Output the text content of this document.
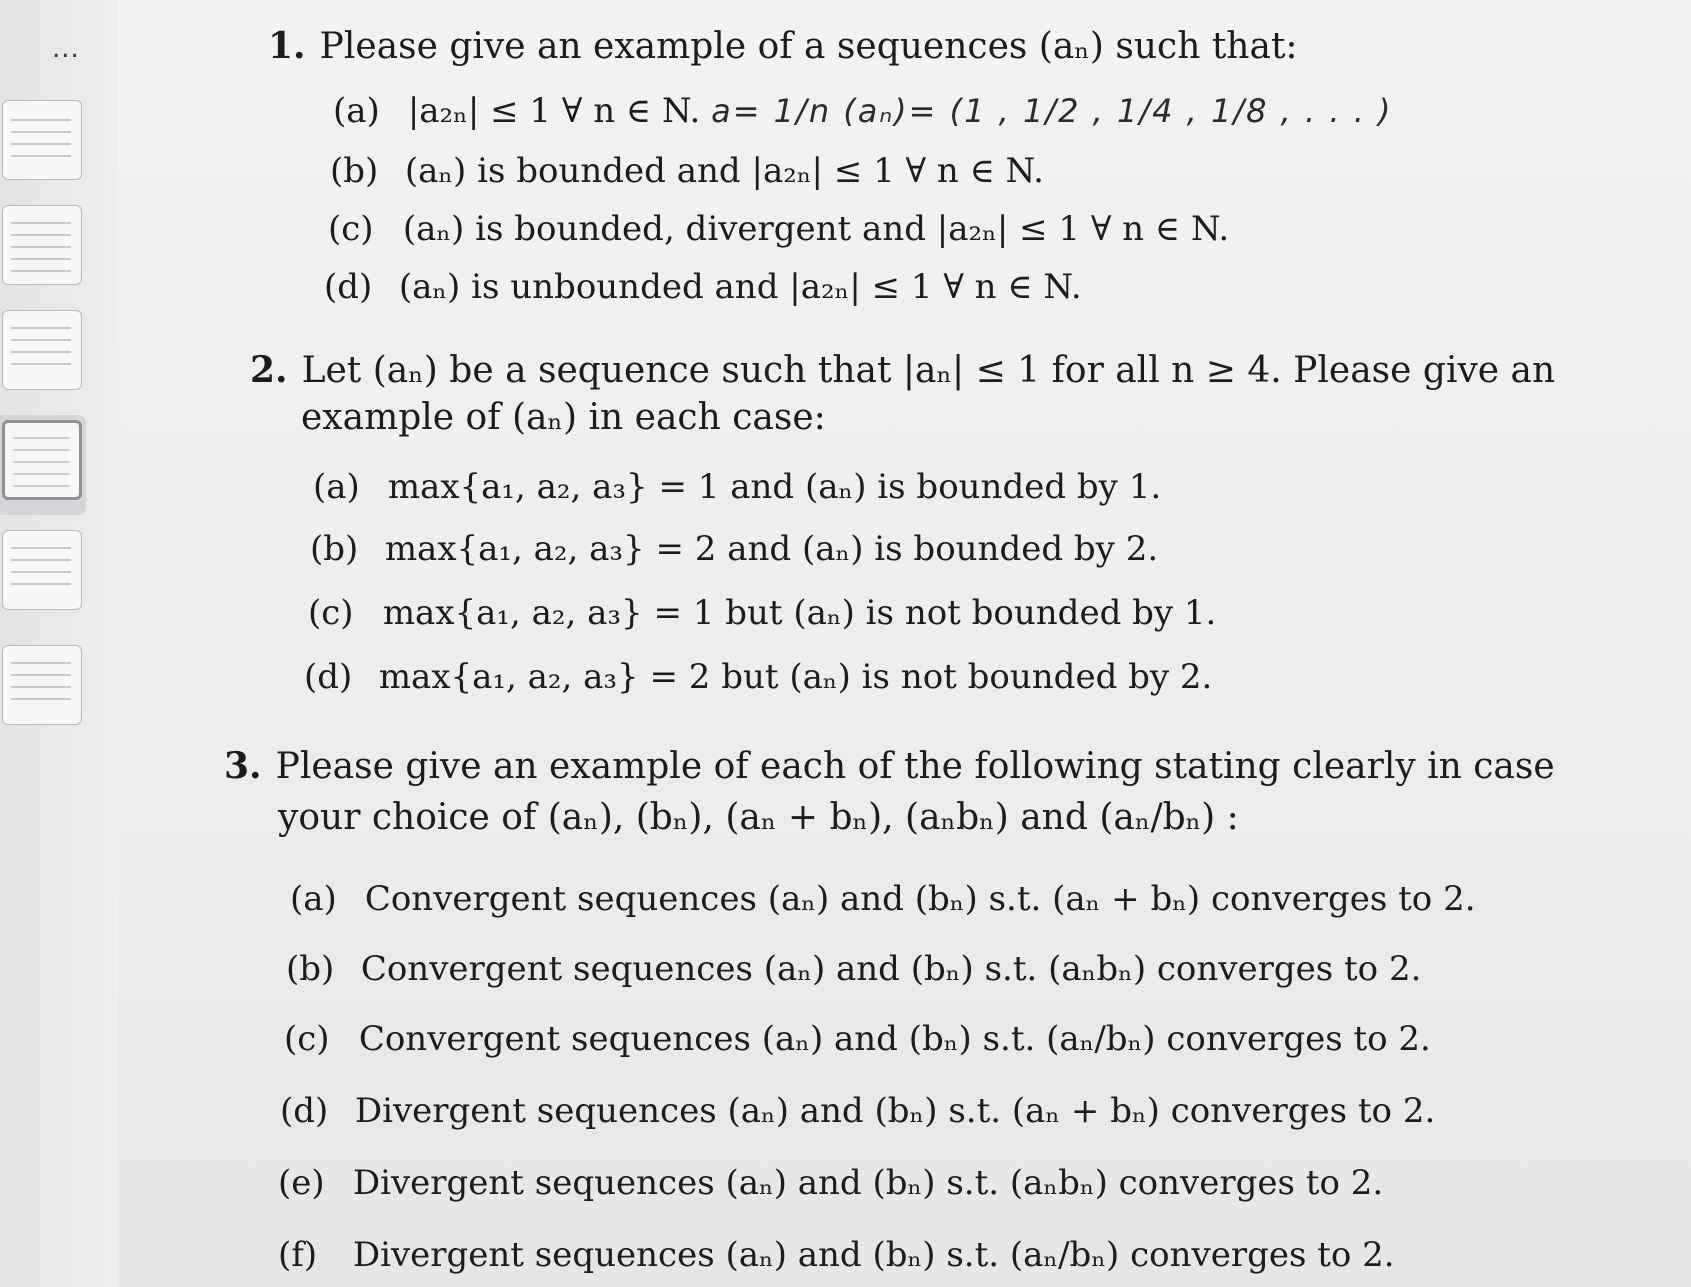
...	1. Please give an example of a sequences (aₙ) such that:
(a) |a₂ₙ| ≤ 1 ∀ n ∈ N. a= 1/n (aₙ)= (1 , 1/2 , 1/4 , 1/8 , . . . )
(b) (aₙ) is bounded and |a₂ₙ| ≤ 1 ∀ n ∈ N.
(c) (aₙ) is bounded, divergent and |a₂ₙ| ≤ 1 ∀ n ∈ N.
(d) (aₙ) is unbounded and |a₂ₙ| ≤ 1 ∀ n ∈ N.
2. Let (aₙ) be a sequence such that |aₙ| ≤ 1 for all n ≥ 4. Please give an
example of (aₙ) in each case:
(a) max{a₁, a₂, a₃} = 1 and (aₙ) is bounded by 1.
(b) max{a₁, a₂, a₃} = 2 and (aₙ) is bounded by 2.
(c) max{a₁, a₂, a₃} = 1 but (aₙ) is not bounded by 1.
(d) max{a₁, a₂, a₃} = 2 but (aₙ) is not bounded by 2.
3. Please give an example of each of the following stating clearly in case
your choice of (aₙ), (bₙ), (aₙ + bₙ), (aₙbₙ) and (aₙ/bₙ) :
(a) Convergent sequences (aₙ) and (bₙ) s.t. (aₙ + bₙ) converges to 2.
(b) Convergent sequences (aₙ) and (bₙ) s.t. (aₙbₙ) converges to 2.
(c) Convergent sequences (aₙ) and (bₙ) s.t. (aₙ/bₙ) converges to 2.
(d) Divergent sequences (aₙ) and (bₙ) s.t. (aₙ + bₙ) converges to 2.
(e) Divergent sequences (aₙ) and (bₙ) s.t. (aₙbₙ) converges to 2.
(f) Divergent sequences (aₙ) and (bₙ) s.t. (aₙ/bₙ) converges to 2.
